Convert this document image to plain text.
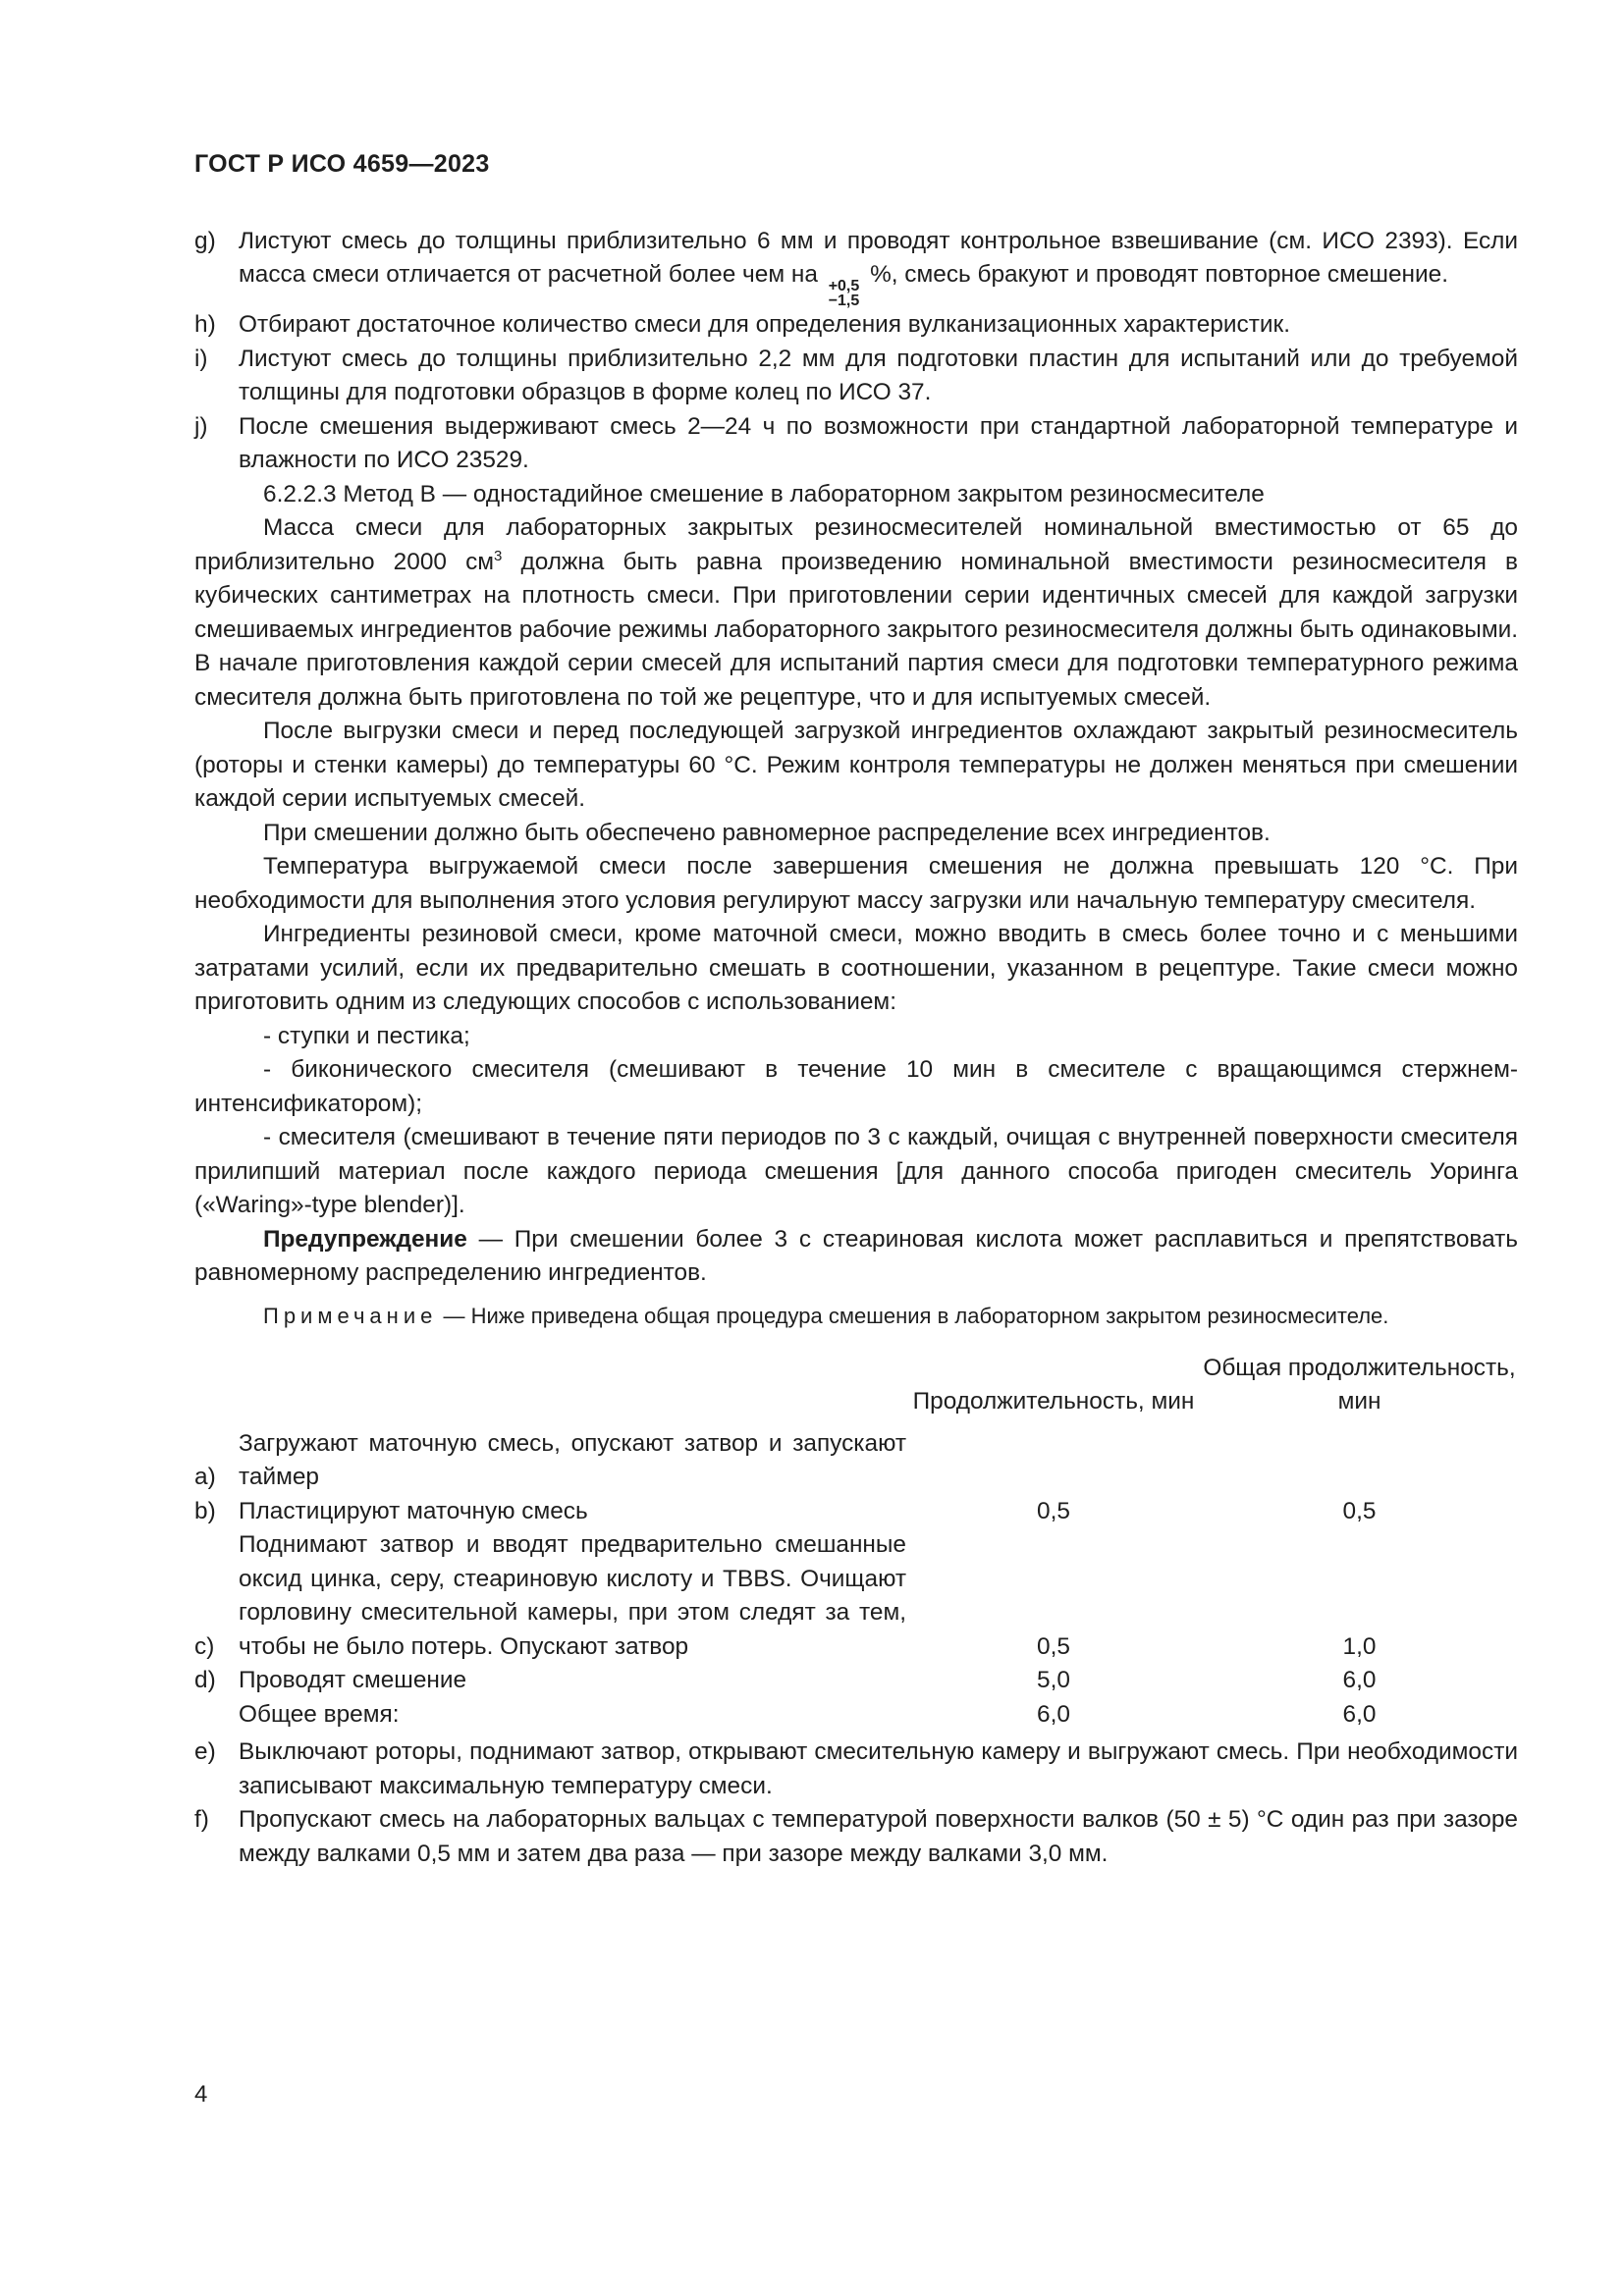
ГОСТ Р ИСО 4659—2023
g) Листуют смесь до толщины приблизительно 6 мм и проводят контрольное взвешивание (см. ИСО 2393). Если масса смеси отличается от расчетной более чем на +0,5
−1,5
%, смесь бракуют и проводят повторное смешение.
h) Отбирают достаточное количество смеси для определения вулканизационных характеристик.
i)	Листуют смесь до толщины приблизительно 2,2 мм для подготовки пластин для испытаний или до требуемой толщины для подготовки образцов в форме колец по ИСО 37.
j)	После смешения выдерживают смесь 2—24 ч по возможности при стандартной лабораторной температуре и влажности по ИСО 23529.

6.2.2.3 Метод B — одностадийное смешение в лабораторном закрытом резиносмесителе

Масса смеси для лабораторных закрытых резиносмесителей номинальной вместимостью от 65 до приблизительно 2000 $см^3$ должна быть равна произведению номинальной вместимости резиносмесителя в кубических сантиметрах на плотность смеси. При приготовлении серии идентичных смесей для каждой загрузки смешиваемых ингредиентов рабочие режимы лабораторного закрытого резиносмесителя должны быть одинаковыми. В начале приготовления каждой серии смесей для испытаний партия смеси для подготовки температурного режима смесителя должна быть приготовлена по той же рецептуре, что и для испытуемых смесей.

После выгрузки смеси и перед последующей загрузкой ингредиентов охлаждают закрытый резиносмеситель (роторы и стенки камеры) до температуры 60 °C. Режим контроля температуры не должен меняться при смешении каждой серии испытуемых смесей.

При смешении должно быть обеспечено равномерное распределение всех ингредиентов.

Температура выгружаемой смеси после завершения смешения не должна превышать 120 °C. При необходимости для выполнения этого условия регулируют массу загрузки или начальную температуру смесителя.

Ингредиенты резиновой смеси, кроме маточной смеси, можно вводить в смесь более точно и с меньшими затратами усилий, если их предварительно смешать в соотношении, указанном в рецептуре. Такие смеси можно приготовить одним из следующих способов с использованием:

- ступки и пестика;

- биконического смесителя (смешивают в течение 10 мин в смесителе с вращающимся стержнем-интенсификатором);

- смесителя (смешивают в течение пяти периодов по 3 с каждый, очищая с внутренней поверхности смесителя прилипший материал после каждого периода смешения [для данного способа пригоден смеситель Уоринга («Waring»-type blender)].

Предупреждение — При смешении более 3 с стеариновая кислота может расплавиться и препятствовать равномерному распределению ингредиентов.

Примечание — Ниже приведена общая процедура смешения в лабораторном закрытом резиносмесителе.

		Продолжительность, мин	Общая продолжительность, мин
a)	Загружают маточную смесь, опускают затвор и запускают таймер		
b)	Пластицируют маточную смесь	0,5	0,5
c)	Поднимают затвор и вводят предварительно смешанные оксид цинка, серу, стеариновую кислоту и TBBS. Очищают горловину смесительной камеры, при этом следят за тем, чтобы не было потерь. Опускают затвор	0,5	1,0
d)	Проводят смешение	5,0	6,0
	Общее время:	6,0	6,0
e) Выключают роторы, поднимают затвор, открывают смесительную камеру и выгружают смесь. При необходимости записывают максимальную температуру смеси.
f)	Пропускают смесь на лабораторных вальцах с температурой поверхности валков (50 ± 5) °C один раз при зазоре между валками 0,5 мм и затем два раза — при зазоре между валками 3,0 мм.
4
